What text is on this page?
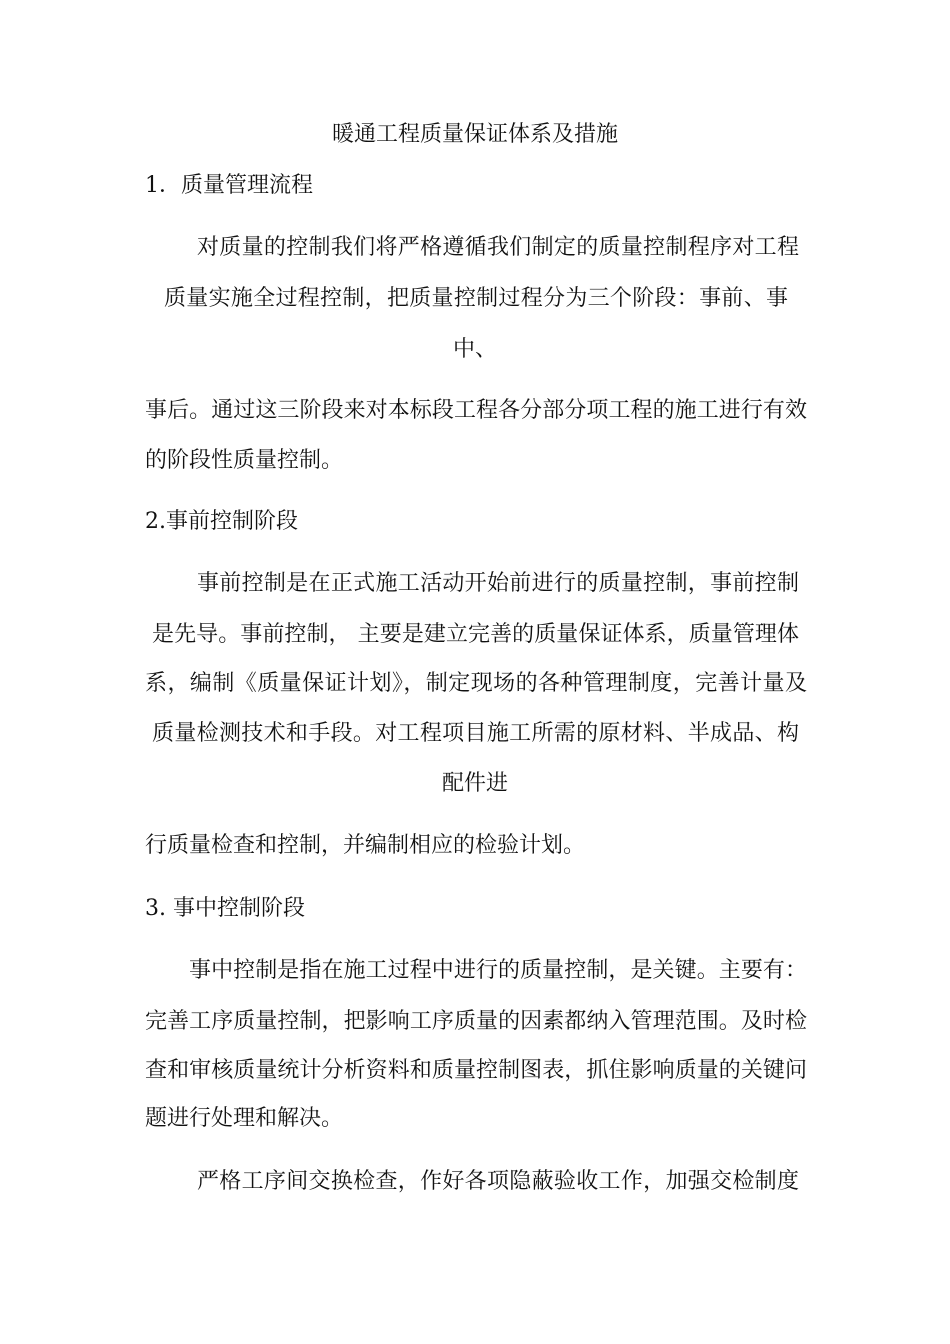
暖通工程质量保证体系及措施
1．质量管理流程
对质量的控制我们将严格遵循我们制定的质量控制程序对工程
质量实施全过程控制，把质量控制过程分为三个阶段：事前、事
中、
事后。通过这三阶段来对本标段工程各分部分项工程的施工进行有效
的阶段性质量控制。
2.事前控制阶段
事前控制是在正式施工活动开始前进行的质量控制，事前控制
是先导。事前控制， 主要是建立完善的质量保证体系，质量管理体
系，编制《质量保证计划》，制定现场的各种管理制度，完善计量及
质量检测技术和手段。对工程项目施工所需的原材料、半成品、构
配件进
行质量检查和控制，并编制相应的检验计划。
3. 事中控制阶段
事中控制是指在施工过程中进行的质量控制，是关键。主要有：
完善工序质量控制，把影响工序质量的因素都纳入管理范围。及时检
查和审核质量统计分析资料和质量控制图表，抓住影响质量的关键问
题进行处理和解决。
严格工序间交换检查，作好各项隐蔽验收工作，加强交检制度
